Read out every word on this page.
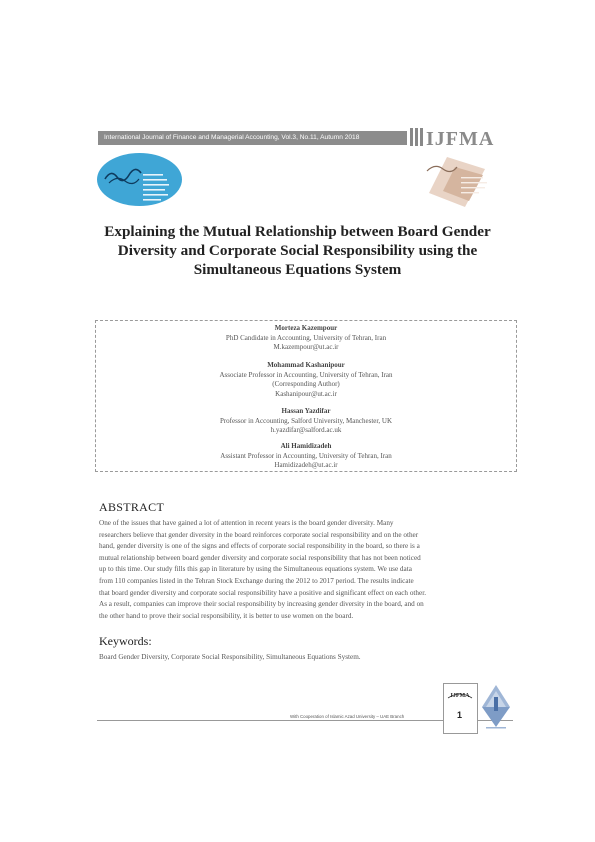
International Journal of Finance and Managerial Accounting, Vol.3, No.11, Autumn 2018	IJFMA
Explaining the Mutual Relationship between Board Gender
Diversity and Corporate Social Responsibility using the
Simultaneous Equations System
Morteza Kazempour
PhD Candidate in Accounting, University of Tehran, Iran
M.kazempour@ut.ac.ir
Mohammad Kashanipour
Associate Professor in Accounting, University of Tehran, Iran
(Corresponding Author)
Kashanipour@ut.ac.ir
Hassan Yazdifar
Professor in Accounting, Salford University, Manchester, UK
h.yazdifar@salford.ac.uk
Ali Hamidizadeh
Assistant Professor in Accounting, University of Tehran, Iran
Hamidizadeh@ut.ac.ir
ABSTRACT
One of the issues that have gained a lot of attention in recent years is the board gender diversity. Many
researchers believe that gender diversity in the board reinforces corporate social responsibility and on the other
hand, gender diversity is one of the signs and effects of corporate social responsibility in the board, so there is a
mutual relationship between board gender diversity and corporate social responsibility that has not been noticed
up to this time. Our study fills this gap in literature by using the Simultaneous equations system. We use data
from 110 companies listed in the Tehran Stock Exchange during the 2012 to 2017 period. The results indicate
that board gender diversity and corporate social responsibility have a positive and significant effect on each other.
As a result, companies can improve their social responsibility by increasing gender diversity in the board, and on
the other hand to prove their social responsibility, it is better to use women on the board.
Keywords:
Board Gender Diversity, Corporate Social Responsibility, Simultaneous Equations System.
With Cooperation of Islamic Azad University – UAE Branch
IJFMA
1
